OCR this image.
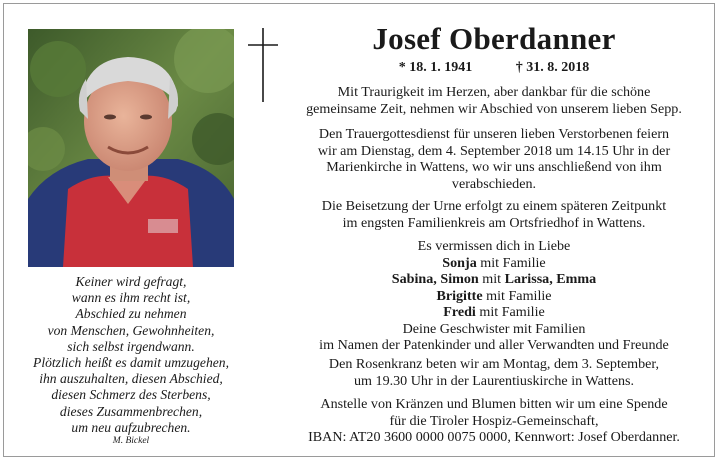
Keiner wird gefragt,
wann es ihm recht ist,
Abschied zu nehmen
von Menschen, Gewohnheiten,
sich selbst irgendwann.
Plötzlich heißt es damit umzugehen,
ihn auszuhalten, diesen Abschied,
diesen Schmerz des Sterbens,
dieses Zusammenbrechen,
um neu aufzubrechen.
M. Bickel
Josef Oberdanner
* 18. 1. 1941	† 31. 8. 2018
Mit Traurigkeit im Herzen, aber dankbar für die schöne
gemeinsame Zeit, nehmen wir Abschied von unserem lieben Sepp.
Den Trauergottesdienst für unseren lieben Verstorbenen feiern
wir am Dienstag, dem 4. September 2018 um 14.15 Uhr in der
Marienkirche in Wattens, wo wir uns anschließend von ihm
verabschieden.
Die Beisetzung der Urne erfolgt zu einem späteren Zeitpunkt
im engsten Familienkreis am Ortsfriedhof in Wattens.
Es vermissen dich in Liebe
Sonja mit Familie
Sabina, Simon mit Larissa, Emma
Brigitte mit Familie
Fredi mit Familie
Deine Geschwister mit Familien
im Namen der Patenkinder und aller Verwandten und Freunde
Den Rosenkranz beten wir am Montag, dem 3. September,
um 19.30 Uhr in der Laurentiuskirche in Wattens.
Anstelle von Kränzen und Blumen bitten wir um eine Spende
für die Tiroler Hospiz-Gemeinschaft,
IBAN: AT20 3600 0000 0075 0000, Kennwort: Josef Oberdanner.
